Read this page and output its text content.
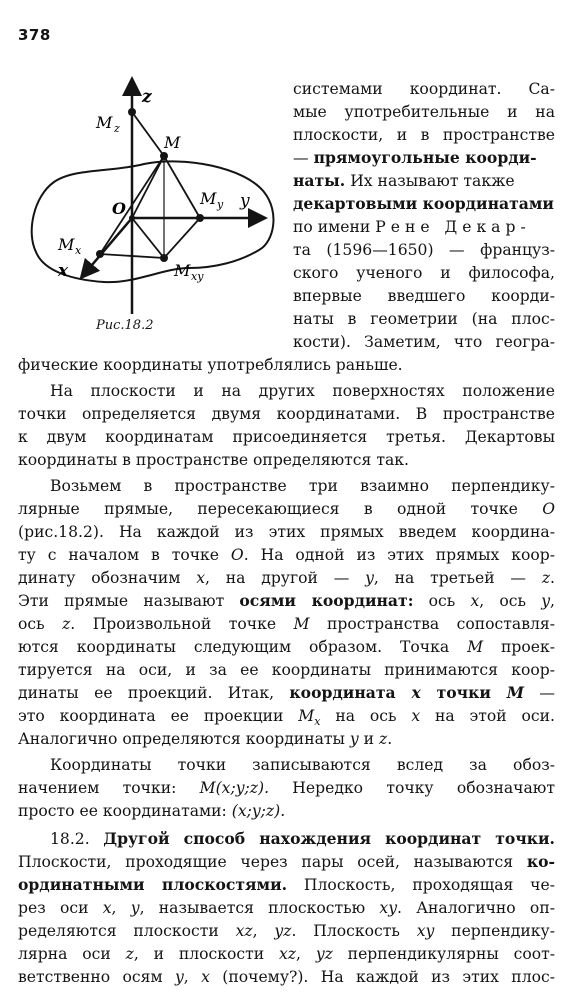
378
z
M z
M
M y y
O
M x
x	M xy
Рис.18.2
системами координат. Са-
мые употребительные и на
плоскости, и в пространстве
— прямоугольные коорди-
наты. Их называют также
декартовыми координатами
по имени Рене Декар-
та (1596—1650) — француз-
ского ученого и философа,
впервые введшего коорди-
наты в геометрии (на плос-
кости). Заметим, что геогра-
фические координаты употреблялись раньше.
На плоскости и на других поверхностях положение
точки определяется двумя координатами. В пространстве
к двум координатам присоединяется третья. Декартовы
координаты в пространстве определяются так.
Возьмем в пространстве три взаимно перпендику-
лярные прямые, пересекающиеся в одной точке O
(рис.18.2). На каждой из этих прямых введем координа-
ту с началом в точке O. На одной из этих прямых коор-
динату обозначим x, на другой — y, на третьей — z.
Эти прямые называют осями координат: ось x, ось y,
ось z. Произвольной точке M пространства сопоставля-
ются координаты следующим образом. Точка M проек-
тируется на оси, и за ее координаты принимаются коор-
динаты ее проекций. Итак, координата x точки M —
это координата ее проекции $M_x$ на ось x на этой оси.
Аналогично определяются координаты y и z.
Координаты точки записываются вслед за обоз-
начением точки: M(x;y;z). Нередко точку обозначают
просто ее координатами: (x;y;z).
18.2. Другой способ нахождения координат точки.
Плоскости, проходящие через пары осей, называются ко-
ординатными плоскостями. Плоскость, проходящая че-
рез оси x, y, называется плоскостью xy. Аналогично оп-
ределяются плоскости xz, yz. Плоскость xy перпендику-
лярна оси z, и плоскости xz, yz перпендикулярны соот-
ветственно осям y, x (почему?). На каждой из этих плос-
